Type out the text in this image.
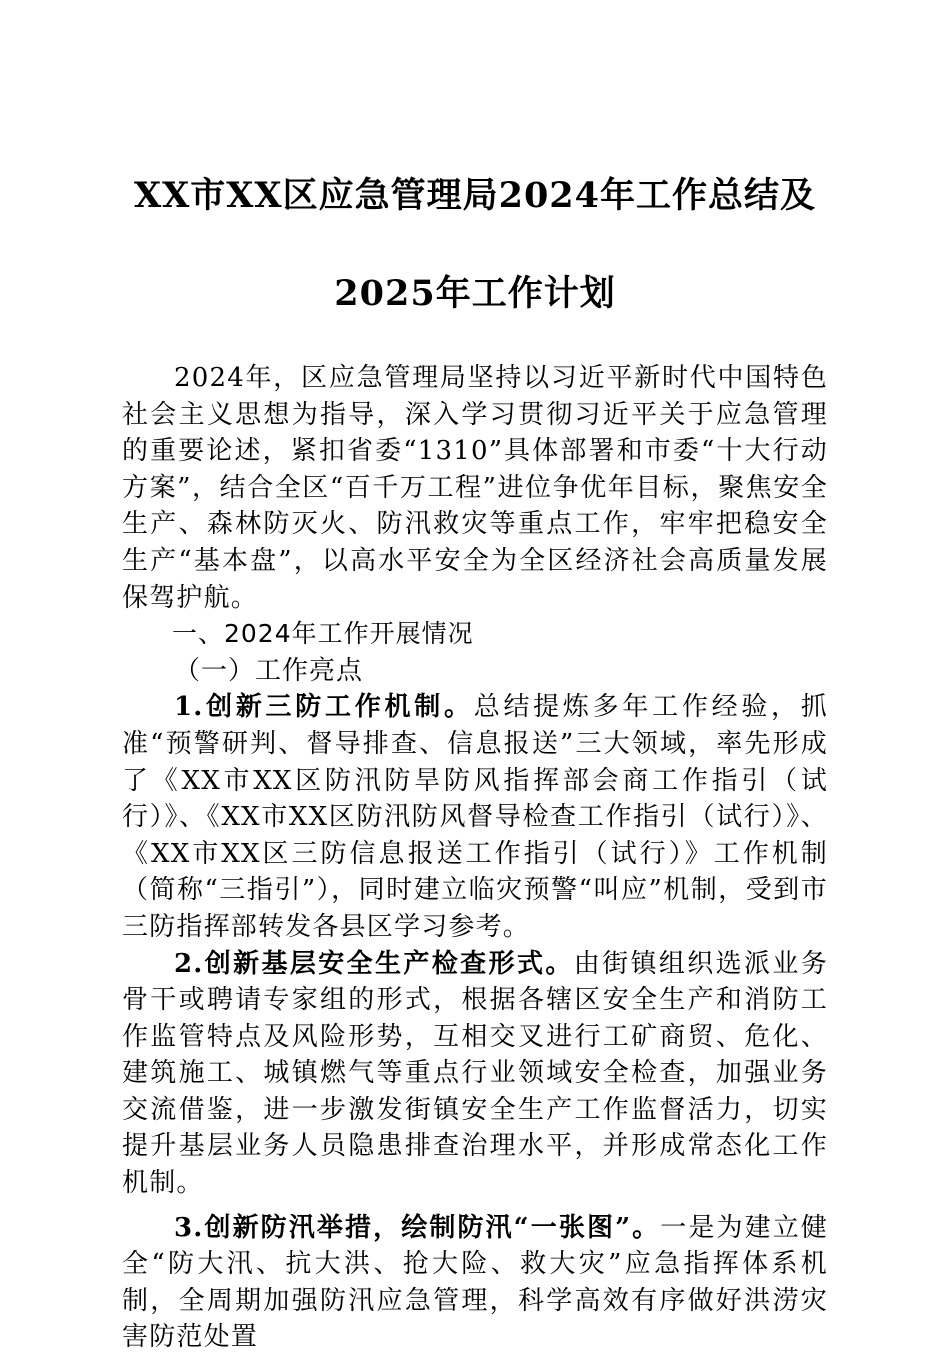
XX市XX区应急管理局2024年工作总结及
2025年工作计划

2024年，区应急管理局坚持以习近平新时代中国特色社会主义思想为指导，深入学习贯彻习近平关于应急管理的重要论述，紧扣省委“1310”具体部署和市委“十大行动方案”，结合全区“百千万工程”进位争优年目标，聚焦安全生产、森林防灭火、防汛救灾等重点工作，牢牢把稳安全生产“基本盘”，以高水平安全为全区经济社会高质量发展保驾护航。

一、2024年工作开展情况

（一）工作亮点

1.创新三防工作机制。总结提炼多年工作经验，抓准“预警研判、督导排查、信息报送”三大领域，率先形成了《XX市XX区防汛防旱防风指挥部会商工作指引（试行）》、《XX市XX区防汛防风督导检查工作指引（试行）》、《XX市XX区三防信息报送工作指引（试行）》工作机制（简称“三指引”），同时建立临灾预警“叫应”机制，受到市三防指挥部转发各县区学习参考。

2.创新基层安全生产检查形式。由街镇组织选派业务骨干或聘请专家组的形式，根据各辖区安全生产和消防工作监管特点及风险形势，互相交叉进行工矿商贸、危化、建筑施工、城镇燃气等重点行业领域安全检查，加强业务交流借鉴，进一步激发街镇安全生产工作监督活力，切实提升基层业务人员隐患排查治理水平，并形成常态化工作机制。

3.创新防汛举措，绘制防汛“一张图”。一是为建立健全“防大汛、抗大洪、抢大险、救大灾”应急指挥体系机制，全周期加强防汛应急管理，科学高效有序做好洪涝灾害防范处置
